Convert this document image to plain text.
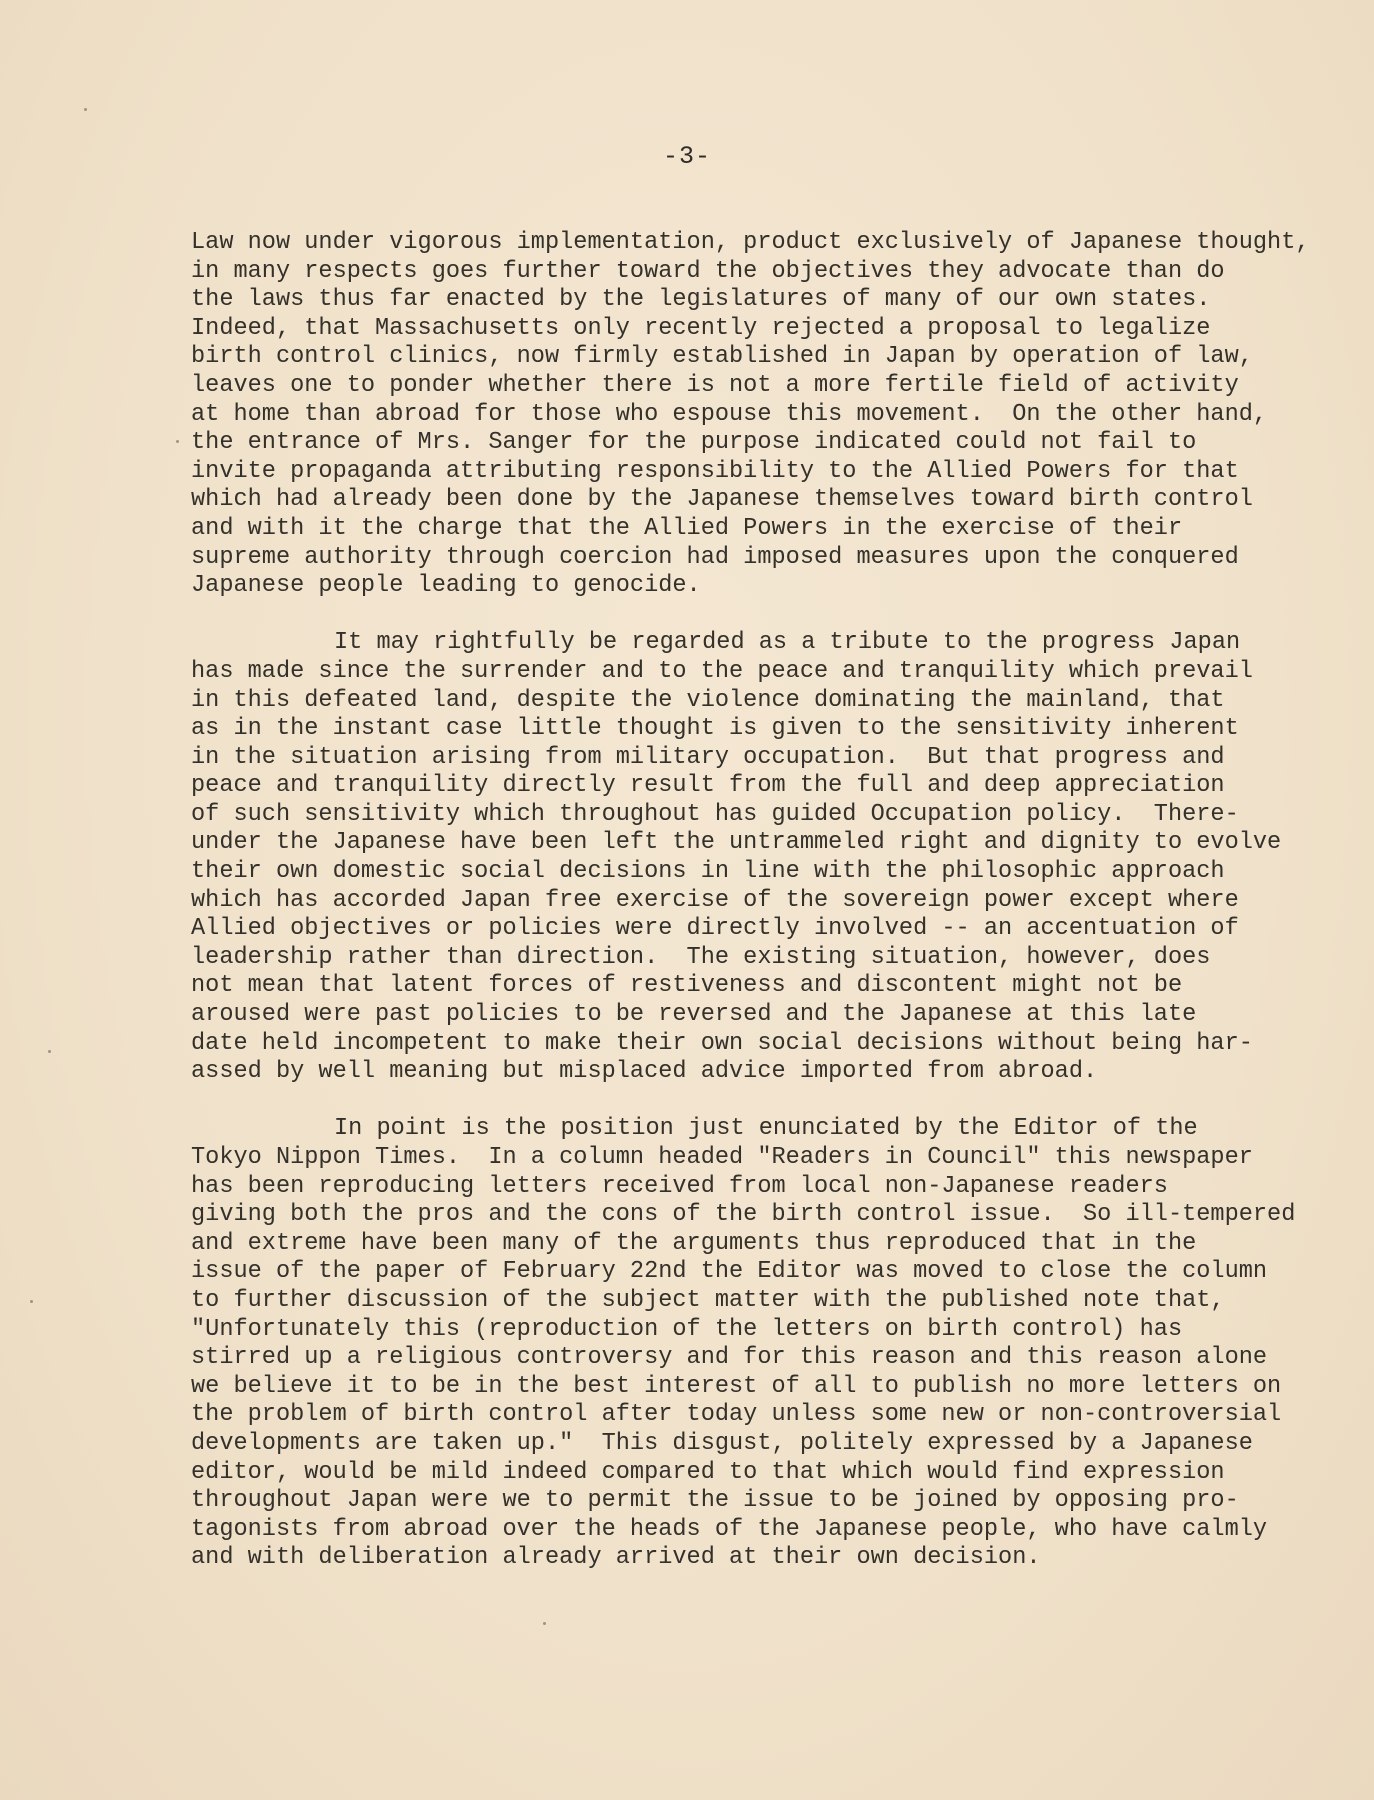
-3-
Law now under vigorous implementation, product exclusively of Japanese thought,
in many respects goes further toward the objectives they advocate than do
the laws thus far enacted by the legislatures of many of our own states.
Indeed, that Massachusetts only recently rejected a proposal to legalize
birth control clinics, now firmly established in Japan by operation of law,
leaves one to ponder whether there is not a more fertile field of activity
at home than abroad for those who espouse this movement.  On the other hand,
the entrance of Mrs. Sanger for the purpose indicated could not fail to
invite propaganda attributing responsibility to the Allied Powers for that
which had already been done by the Japanese themselves toward birth control
and with it the charge that the Allied Powers in the exercise of their
supreme authority through coercion had imposed measures upon the conquered
Japanese people leading to genocide.
It may rightfully be regarded as a tribute to the progress Japan
has made since the surrender and to the peace and tranquility which prevail
in this defeated land, despite the violence dominating the mainland, that
as in the instant case little thought is given to the sensitivity inherent
in the situation arising from military occupation.  But that progress and
peace and tranquility directly result from the full and deep appreciation
of such sensitivity which throughout has guided Occupation policy.  There-
under the Japanese have been left the untrammeled right and dignity to evolve
their own domestic social decisions in line with the philosophic approach
which has accorded Japan free exercise of the sovereign power except where
Allied objectives or policies were directly involved -- an accentuation of
leadership rather than direction.  The existing situation, however, does
not mean that latent forces of restiveness and discontent might not be
aroused were past policies to be reversed and the Japanese at this late
date held incompetent to make their own social decisions without being har-
assed by well meaning but misplaced advice imported from abroad.
In point is the position just enunciated by the Editor of the
Tokyo Nippon Times.  In a column headed "Readers in Council" this newspaper
has been reproducing letters received from local non-Japanese readers
giving both the pros and the cons of the birth control issue.  So ill-tempered
and extreme have been many of the arguments thus reproduced that in the
issue of the paper of February 22nd the Editor was moved to close the column
to further discussion of the subject matter with the published note that,
"Unfortunately this (reproduction of the letters on birth control) has
stirred up a religious controversy and for this reason and this reason alone
we believe it to be in the best interest of all to publish no more letters on
the problem of birth control after today unless some new or non-controversial
developments are taken up."  This disgust, politely expressed by a Japanese
editor, would be mild indeed compared to that which would find expression
throughout Japan were we to permit the issue to be joined by opposing pro-
tagonists from abroad over the heads of the Japanese people, who have calmly
and with deliberation already arrived at their own decision.
